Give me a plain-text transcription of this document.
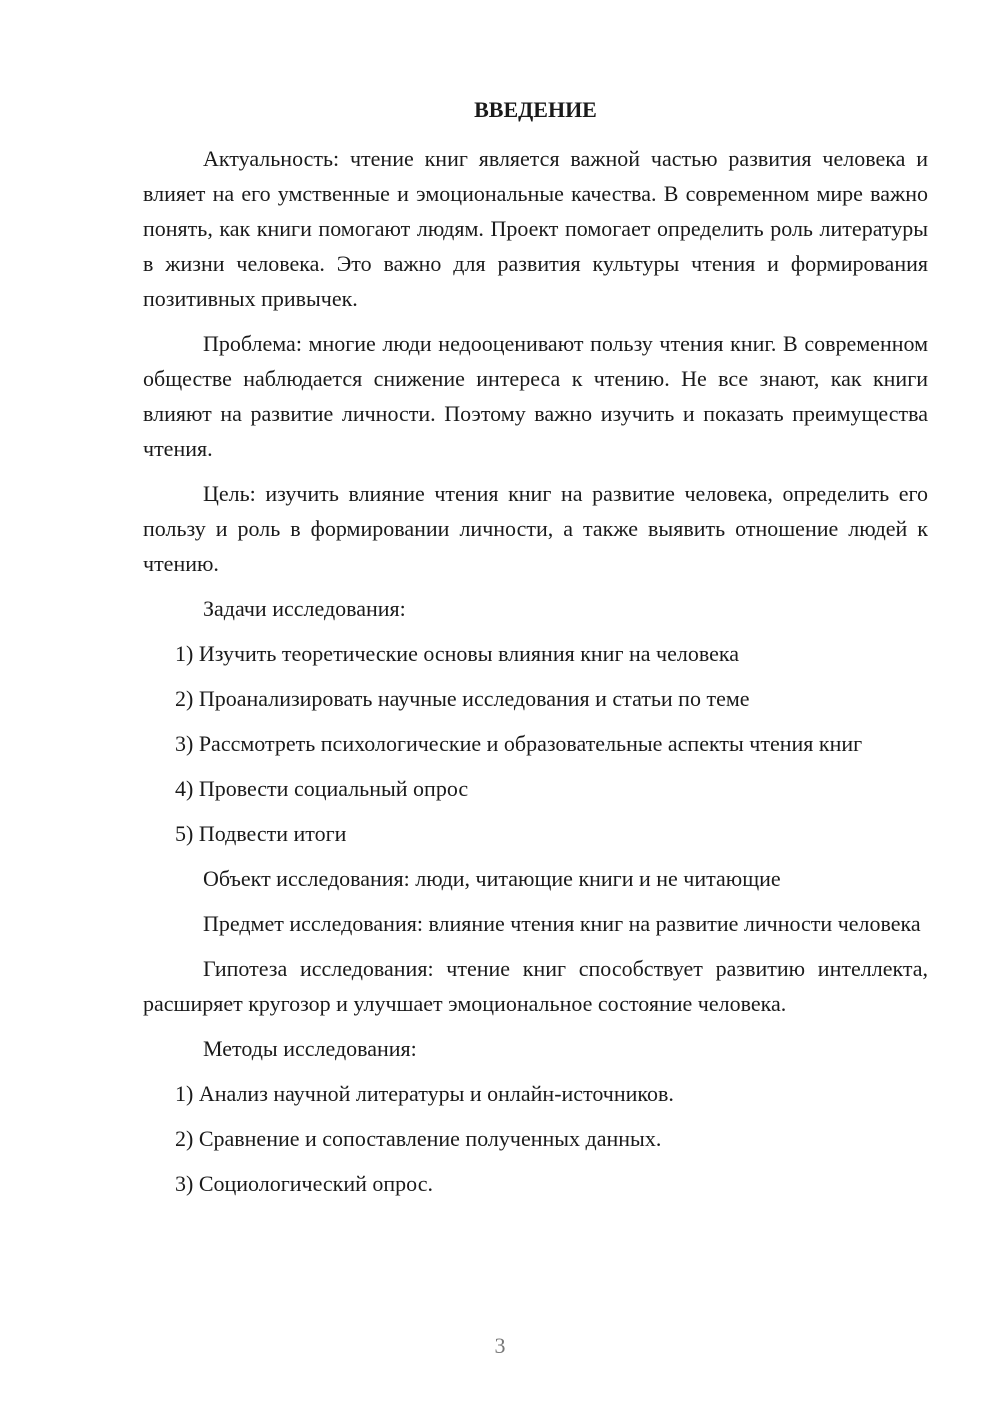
ВВЕДЕНИЕ

Актуальность: чтение книг является важной частью развития человека и влияет на его умственные и эмоциональные качества. В современном мире важно понять, как книги помогают людям. Проект помогает определить роль литературы в жизни человека. Это важно для развития культуры чтения и формирования позитивных привычек.

Проблема: многие люди недооценивают пользу чтения книг. В современном обществе наблюдается снижение интереса к чтению. Не все знают, как книги влияют на развитие личности. Поэтому важно изучить и показать преимущества чтения.

Цель: изучить влияние чтения книг на развитие человека, определить его пользу и роль в формировании личности, а также выявить отношение людей к чтению.

Задачи исследования:

1) Изучить теоретические основы влияния книг на человека

2) Проанализировать научные исследования и статьи по теме

3) Рассмотреть психологические и образовательные аспекты чтения книг

4) Провести социальный опрос

5) Подвести итоги

Объект исследования: люди, читающие книги и не читающие

Предмет исследования: влияние чтения книг на развитие личности человека

Гипотеза исследования: чтение книг способствует развитию интеллекта, расширяет кругозор и улучшает эмоциональное состояние человека.

Методы исследования:

1) Анализ научной литературы и онлайн-источников.

2) Сравнение и сопоставление полученных данных.

3) Социологический опрос.

3
